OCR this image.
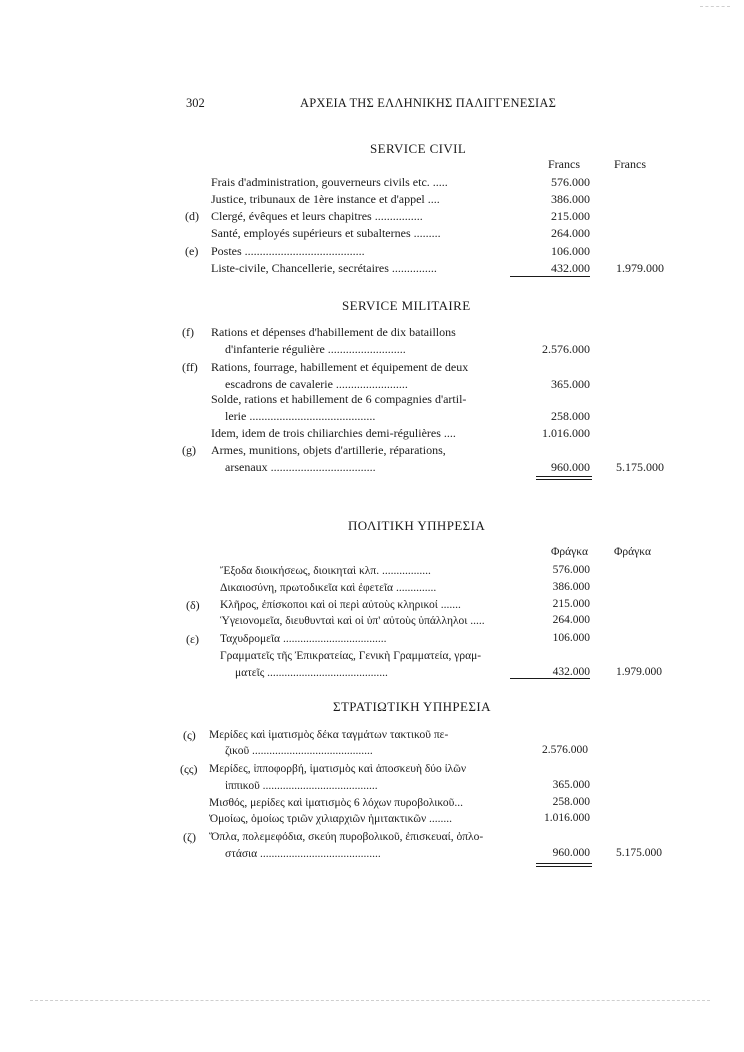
302	ΑΡΧΕΙΑ ΤΗΣ ΕΛΛΗΝΙΚΗΣ ΠΑΛΙΓΓΕΝΕΣΙΑΣ
SERVICE CIVIL
Francs	Francs
Frais d'administration, gouverneurs civils etc. .....	576.000
Justice, tribunaux de 1ère instance et d'appel ....	386.000
(d) Clergé, évêques et leurs chapitres ................	215.000
Santé, employés supérieurs et subalternes .........	264.000
(e) Postes ........................................	106.000
Liste-civile, Chancellerie, secrétaires ...............	432.000	1.979.000
SERVICE MILITAIRE
(f) Rations et dépenses d'habillement de dix bataillons
d'infanterie régulière ..........................	2.576.000
(ff) Rations, fourrage, habillement et équipement de deux
escadrons de cavalerie ........................	365.000
Solde, rations et habillement de 6 compagnies d'artil-
lerie ..........................................	258.000
Idem, idem de trois chiliarchies demi-régulières ....	1.016.000
(g) Armes, munitions, objets d'artillerie, réparations,
arsenaux ...................................	960.000	5.175.000
ΠΟΛΙΤΙΚΗ ΥΠΗΡΕΣΙΑ
Φράγκα Φράγκα
Ἔξοδα διοικήσεως, διοικηταὶ κλπ. .................	576.000
Δικαιοσύνη, πρωτοδικεῖα καὶ ἐφετεῖα ..............	386.000
(δ) Κλῆρος, ἐπίσκοποι καὶ οἱ περὶ αὐτοὺς κληρικοί .......	215.000
Ὑγειονομεῖα, διευθυνταὶ καὶ οἱ ὑπ' αὐτοὺς ὑπάλληλοι .....	264.000
(ε) Ταχυδρομεῖα ....................................	106.000
Γραμματεῖς τῆς Ἐπικρατείας, Γενικὴ Γραμματεία, γραμ-
ματεῖς ..........................................	432.000	1.979.000
ΣΤΡΑΤΙΩΤΙΚΗ ΥΠΗΡΕΣΙΑ
(ς) Μερίδες καὶ ἱματισμὸς δέκα ταγμάτων τακτικοῦ πε-
ζικοῦ ..........................................	2.576.000
(ςς) Μερίδες, ἱπποφορβή, ἱματισμὸς καὶ ἀποσκευὴ δύο ἰλῶν
ἱππικοῦ ........................................	365.000
Μισθός, μερίδες καὶ ἱματισμὸς 6 λόχων πυροβολικοῦ...	258.000
Ὁμοίως, ὁμοίως τριῶν χιλιαρχιῶν ἡμιτακτικῶν ........	1.016.000
(ζ) Ὅπλα, πολεμεφόδια, σκεύη πυροβολικοῦ, ἐπισκευαί, ὁπλο-
στάσια ..........................................	960.000	5.175.000
